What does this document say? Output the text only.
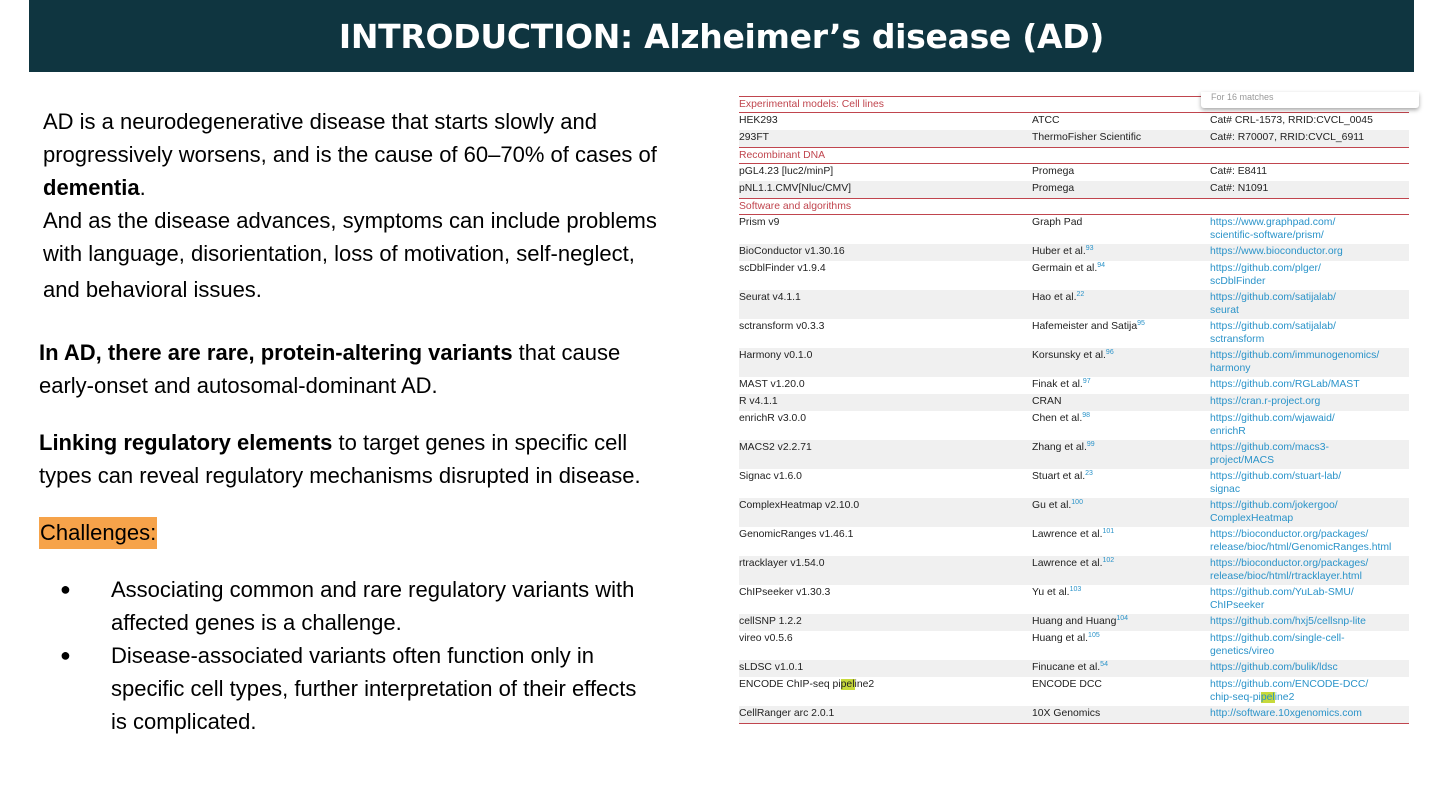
INTRODUCTION: Alzheimer’s disease (AD)

AD is a neurodegenerative disease that starts slowly and
progressively worsens, and is the cause of 60–70% of cases of
dementia.
And as the disease advances, symptoms can include problems
with language, disorientation, loss of motivation, self-neglect,
and behavioral issues.

In AD, there are rare, protein-altering variants that cause
early-onset and autosomal-dominant AD.

Linking regulatory elements to target genes in specific cell
types can reveal regulatory mechanisms disrupted in disease.

Challenges:
● Associating common and rare regulatory variants with
affected genes is a challenge.
● Disease-associated variants often function only in
specific cell types, further interpretation of their effects
is complicated.
For 16 matches
Experimental models: Cell lines
HEK293	ATCC	Cat# CRL-1573, RRID:CVCL_0045
293FT	ThermoFisher Scientific	Cat#: R70007, RRID:CVCL_6911
Recombinant DNA
pGL4.23 [luc2/minP]	Promega	Cat#: E8411
pNL1.1.CMV[Nluc/CMV]	Promega	Cat#: N1091
Software and algorithms
Prism v9	Graph Pad	https://www.graphpad.com/
scientific-software/prism/
BioConductor v1.30.16	Huber et al.$^{93}$	https://www.bioconductor.org
scDblFinder v1.9.4	Germain et al.$^{94}$	https://github.com/plger/
scDblFinder
Seurat v4.1.1	Hao et al.$^{22}$	https://github.com/satijalab/
seurat
sctransform v0.3.3	Hafemeister and Satija$^{95}$	https://github.com/satijalab/
sctransform
Harmony v0.1.0	Korsunsky et al.$^{96}$	https://github.com/immunogenomics/
harmony
MAST v1.20.0	Finak et al.$^{97}$	https://github.com/RGLab/MAST
R v4.1.1	CRAN	https://cran.r-project.org
enrichR v3.0.0	Chen et al.$^{98}$	https://github.com/wjawaid/
enrichR
MACS2 v2.2.71	Zhang et al.$^{99}$	https://github.com/macs3-
project/MACS
Signac v1.6.0	Stuart et al.$^{23}$	https://github.com/stuart-lab/
signac
ComplexHeatmap v2.10.0	Gu et al.$^{100}$	https://github.com/jokergoo/
ComplexHeatmap
GenomicRanges v1.46.1	Lawrence et al.$^{101}$	https://bioconductor.org/packages/
release/bioc/html/GenomicRanges.html
rtracklayer v1.54.0	Lawrence et al.$^{102}$	https://bioconductor.org/packages/
release/bioc/html/rtracklayer.html
ChIPseeker v1.30.3	Yu et al.$^{103}$	https://github.com/YuLab-SMU/
ChIPseeker
cellSNP 1.2.2	Huang and Huang$^{104}$	https://github.com/hxj5/cellsnp-lite
vireo v0.5.6	Huang et al.$^{105}$	https://github.com/single-cell-
genetics/vireo
sLDSC v1.0.1	Finucane et al.$^{54}$	https://github.com/bulik/ldsc
ENCODE ChIP-seq pipeline2	ENCODE DCC	https://github.com/ENCODE-DCC/
chip-seq-pipeline2
CellRanger arc 2.0.1	10X Genomics	http://software.10xgenomics.com
